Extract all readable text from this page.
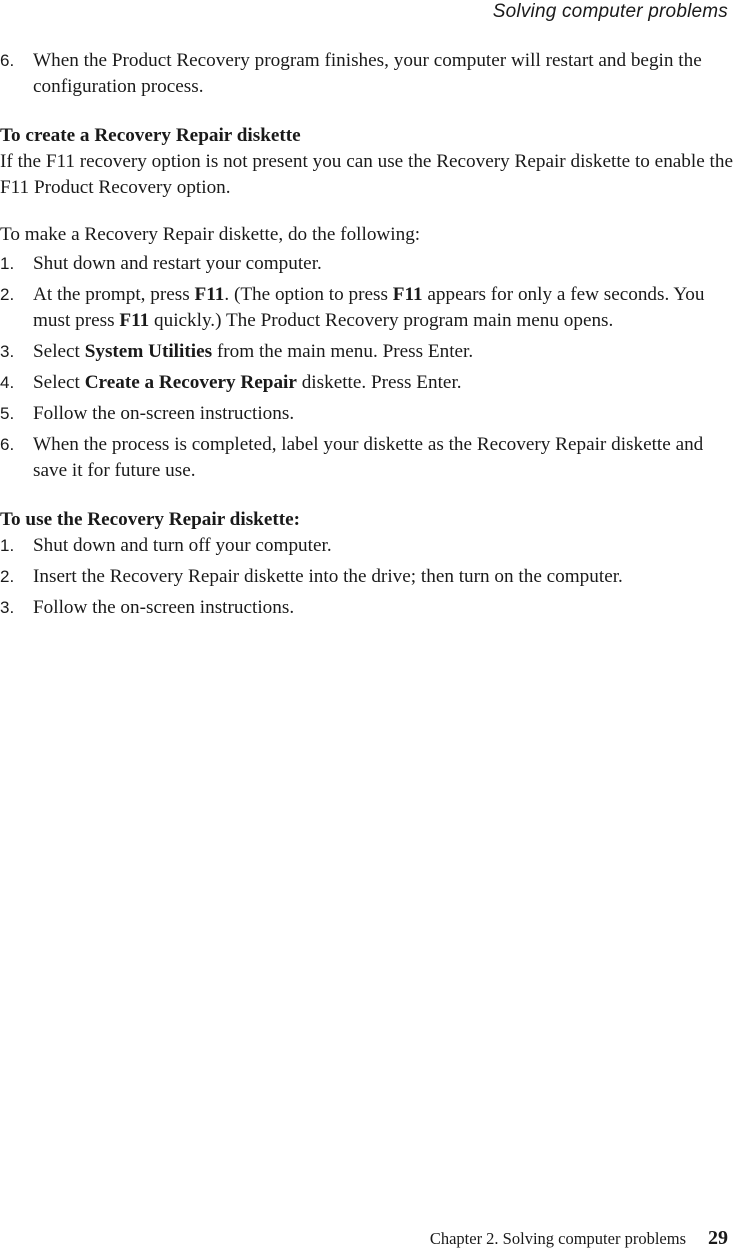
Solving computer problems
6. When the Product Recovery program finishes, your computer will restart and begin the configuration process.
To create a Recovery Repair diskette

If the F11 recovery option is not present you can use the Recovery Repair diskette to enable the F11 Product Recovery option.

To make a Recovery Repair diskette, do the following:

1. Shut down and restart your computer.
2. At the prompt, press F11. (The option to press F11 appears for only a few seconds. You must press F11 quickly.) The Product Recovery program main menu opens.
3. Select System Utilities from the main menu. Press Enter.
4. Select Create a Recovery Repair diskette. Press Enter.
5. Follow the on-screen instructions.
6. When the process is completed, label your diskette as the Recovery Repair diskette and save it for future use.
To use the Recovery Repair diskette:
1. Shut down and turn off your computer.
2. Insert the Recovery Repair diskette into the drive; then turn on the computer.
3. Follow the on-screen instructions.
Chapter 2. Solving computer problems 29
